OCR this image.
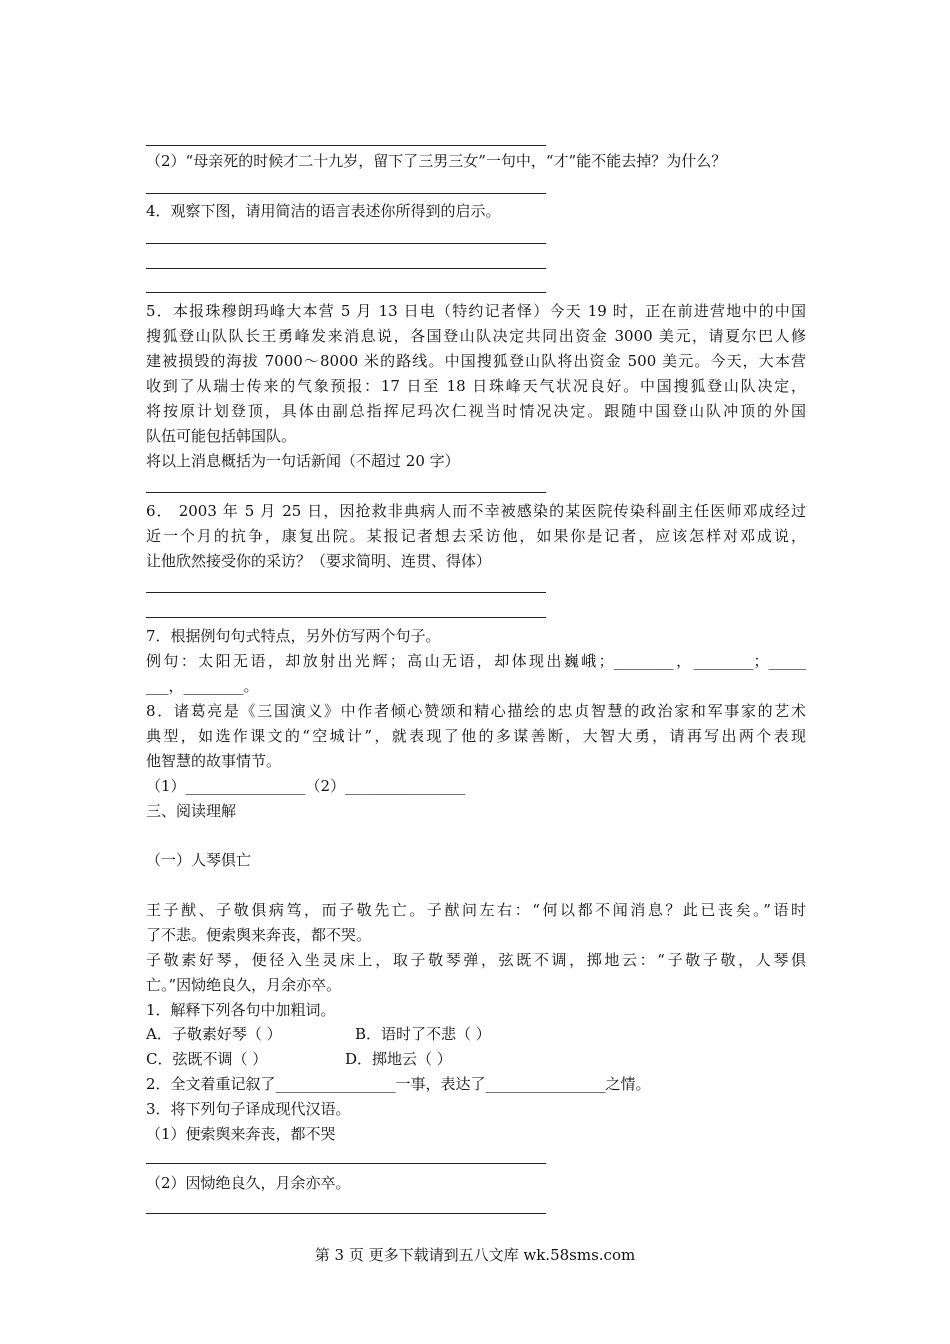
（2）“母亲死的时候才二十九岁，留下了三男三女”一句中，“才”能不能去掉？为什么？
4．观察下图，请用简洁的语言表述你所得到的启示。
5．本报珠穆朗玛峰大本营 5 月 13 日电（特约记者怿）今天 19 时，正在前进营地中的中国
搜狐登山队队长王勇峰发来消息说，各国登山队决定共同出资金 3000 美元，请夏尔巴人修
建被损毁的海拔 7000～8000 米的路线。中国搜狐登山队将出资金 500 美元。今天，大本营
收到了从瑞士传来的气象预报：17 日至 18 日珠峰天气状况良好。中国搜狐登山队决定，
将按原计划登顶，具体由副总指挥尼玛次仁视当时情况决定。跟随中国登山队冲顶的外国
队伍可能包括韩国队。
将以上消息概括为一句话新闻（不超过 20 字）
6． 2003 年 5 月 25 日，因抢救非典病人而不幸被感染的某医院传染科副主任医师邓成经过
近一个月的抗争，康复出院。某报记者想去采访他，如果你是记者，应该怎样对邓成说，
让他欣然接受你的采访？（要求简明、连贯、得体）
7．根据例句句式特点，另外仿写两个句子。
例句：太阳无语，却放射出光辉；高山无语，却体现出巍峨；________，________；_____
___，________。
8．诸葛亮是《三国演义》中作者倾心赞颂和精心描绘的忠贞智慧的政治家和军事家的艺术
典型，如选作课文的“空城计”，就表现了他的多谋善断，大智大勇，请再写出两个表现
他智慧的故事情节。
（1）________________（2）________________
三、阅读理解
（一）人琴俱亡
王子猷、子敬俱病笃，而子敬先亡。子猷问左右：“何以都不闻消息？此已丧矣。”语时
了不悲。便索舆来奔丧，都不哭。
子敬素好琴，便径入坐灵床上，取子敬琴弹，弦既不调，掷地云：“子敬子敬，人琴俱
亡。”因恸绝良久，月余亦卒。
1．解释下列各句中加粗词。
A．子敬素好琴（ ）	B．语时了不悲（ ）
C．弦既不调（ ）	D．掷地云（ ）
2．全文着重记叙了________________一事，表达了________________之情。
3．将下列句子译成现代汉语。
（1）便索舆来奔丧，都不哭
（2）因恸绝良久，月余亦卒。
第 3 页 更多下载请到五八文库 wk.58sms.com
